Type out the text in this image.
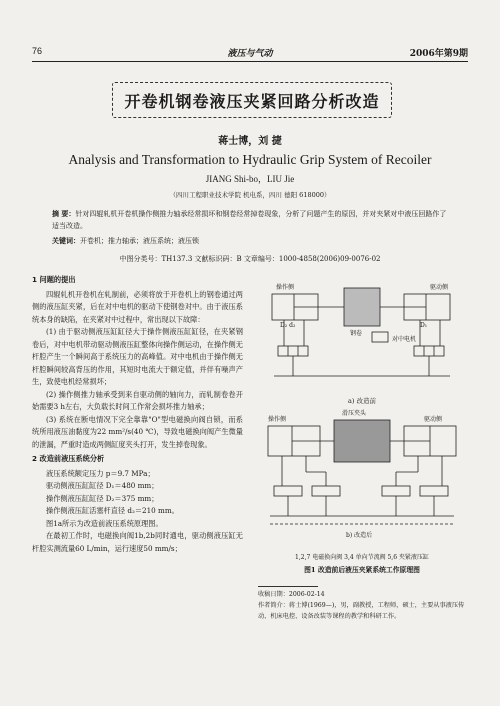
76	液压与气动	2006年第9期
开卷机钢卷液压夹紧回路分析改造
蒋士博，刘 捷
Analysis and Transformation to Hydraulic Grip System of Recoiler
JIANG Shi-bo，LIU Jie
（四川工程职业技术学院 机电系，四川 德阳 618000）
摘 要：针对四辊轧机开卷机操作侧推力轴承经常损坏和钢卷经常掉卷现象，分析了问题产生的原因，并对夹紧对中液压回路作了适当改造。
关键词：开卷机；推力轴承；液压系统；液压锁
中图分类号：TH137.3 文献标识码：B 文章编号：1000-4858(2006)09-0076-02
1 问题的提出

四辊轧机开卷机在轧制前，必须将放于开卷机上的钢卷通过两侧的液压缸夹紧，后在对中电机的驱动下使钢卷对中。由于液压系统本身的缺陷，在夹紧对中过程中，常出现以下故障：

(1) 由于驱动侧液压缸缸径大于操作侧液压缸缸径，在夹紧钢卷后，对中电机带动驱动侧液压缸整体向操作侧运动，在操作侧无杆腔产生一个瞬间高于系统压力的高峰值。对中电机由于操作侧无杆腔瞬间较高背压的作用，其短时电流大于额定值，并伴有噪声产生，致使电机经常损坏；

(2) 操作侧推力轴承受到来自驱动侧的轴向力，而轧制卷卷开始需要3 h左右，大负载长时间工作常会损坏推力轴承；

(3) 系统在断电情况下完全靠靠"O"型电磁换向阀自锁，而系统所用液压油黏度为22 mm²/s(40 ℃)，导致电磁换向阀产生微量的泄漏，严重时造成两侧缸度夹头打开，发生掉卷现象。

2 改造前液压系统分析

液压系统额定压力 p＝9.7 MPa；

驱动侧液压缸缸径 D₁＝480 mm；

操作侧液压缸缸径 D₂＝375 mm；

操作侧液压缸活塞杆直径 d₂＝210 mm。

图1a所示为改造前液压系统原理图。

在最初工作时，电磁换向阀1b,2b同时通电，驱动侧液压缸无杆腔实测流量60 L/min，运行速度50 mm/s；

操作侧	驱动侧
D₂ d₂	D₁
钢卷
对中电机
a) 改造前
操作侧	驱动侧
滑压夹头
b) 改造后
1,2,7 电磁换向阀 3,4 单向节流阀 5,6 夹紧液压缸
图1 改造前后液压夹紧系统工作原理图
收稿日期：2006-02-14
作者简介：蒋士博(1969—)，男，副教授，工程师，硕士，主要从事液压传动、机床电控、设备改装等课程的教学和科研工作。
